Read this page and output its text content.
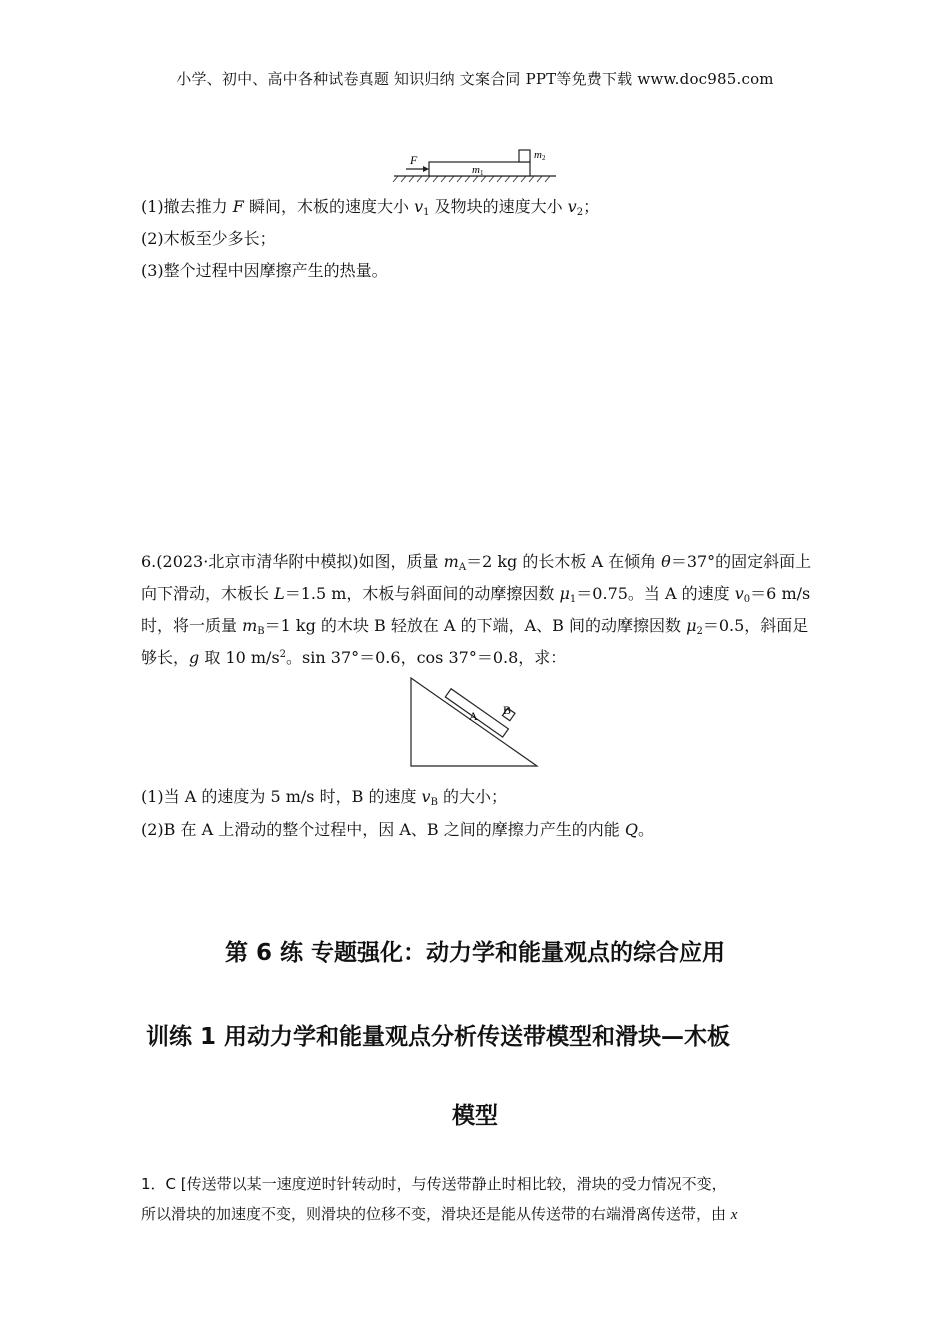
小学、初中、高中各种试卷真题 知识归纳 文案合同 PPT等免费下载 www.doc985.com
F
m1
m2
(1)撤去推力 F 瞬间，木板的速度大小 $v_1$ 及物块的速度大小 $v_2$；
(2)木板至少多长；
(3)整个过程中因摩擦产生的热量。
6.(2023·北京市清华附中模拟)如图，质量 $m_A=2$ kg 的长木板 A 在倾角 θ＝37°的固定斜面上
向下滑动，木板长 L＝1.5 m，木板与斜面间的动摩擦因数 $\mu_1=0.75$。当 A 的速度 $v_0=6$ m/s
时，将一质量 $m_B=1$ kg 的木块 B 轻放在 A 的下端，A、B 间的动摩擦因数 $\mu_2=0.5$，斜面足
够长，g 取 10 $m/s^2$。sin 37°＝0.6，cos 37°＝0.8，求：
A B
(1)当 A 的速度为 5 m/s 时，B 的速度 $v_B$ 的大小；
(2)B 在 A 上滑动的整个过程中，因 A、B 之间的摩擦力产生的内能 Q。
第 6 练 专题强化：动力学和能量观点的综合应用
训练 1 用动力学和能量观点分析传送带模型和滑块—木板
模型
1．C [传送带以某一速度逆时针转动时，与传送带静止时相比较，滑块的受力情况不变，
所以滑块的加速度不变，则滑块的位移不变，滑块还是能从传送带的右端滑离传送带，由 x
